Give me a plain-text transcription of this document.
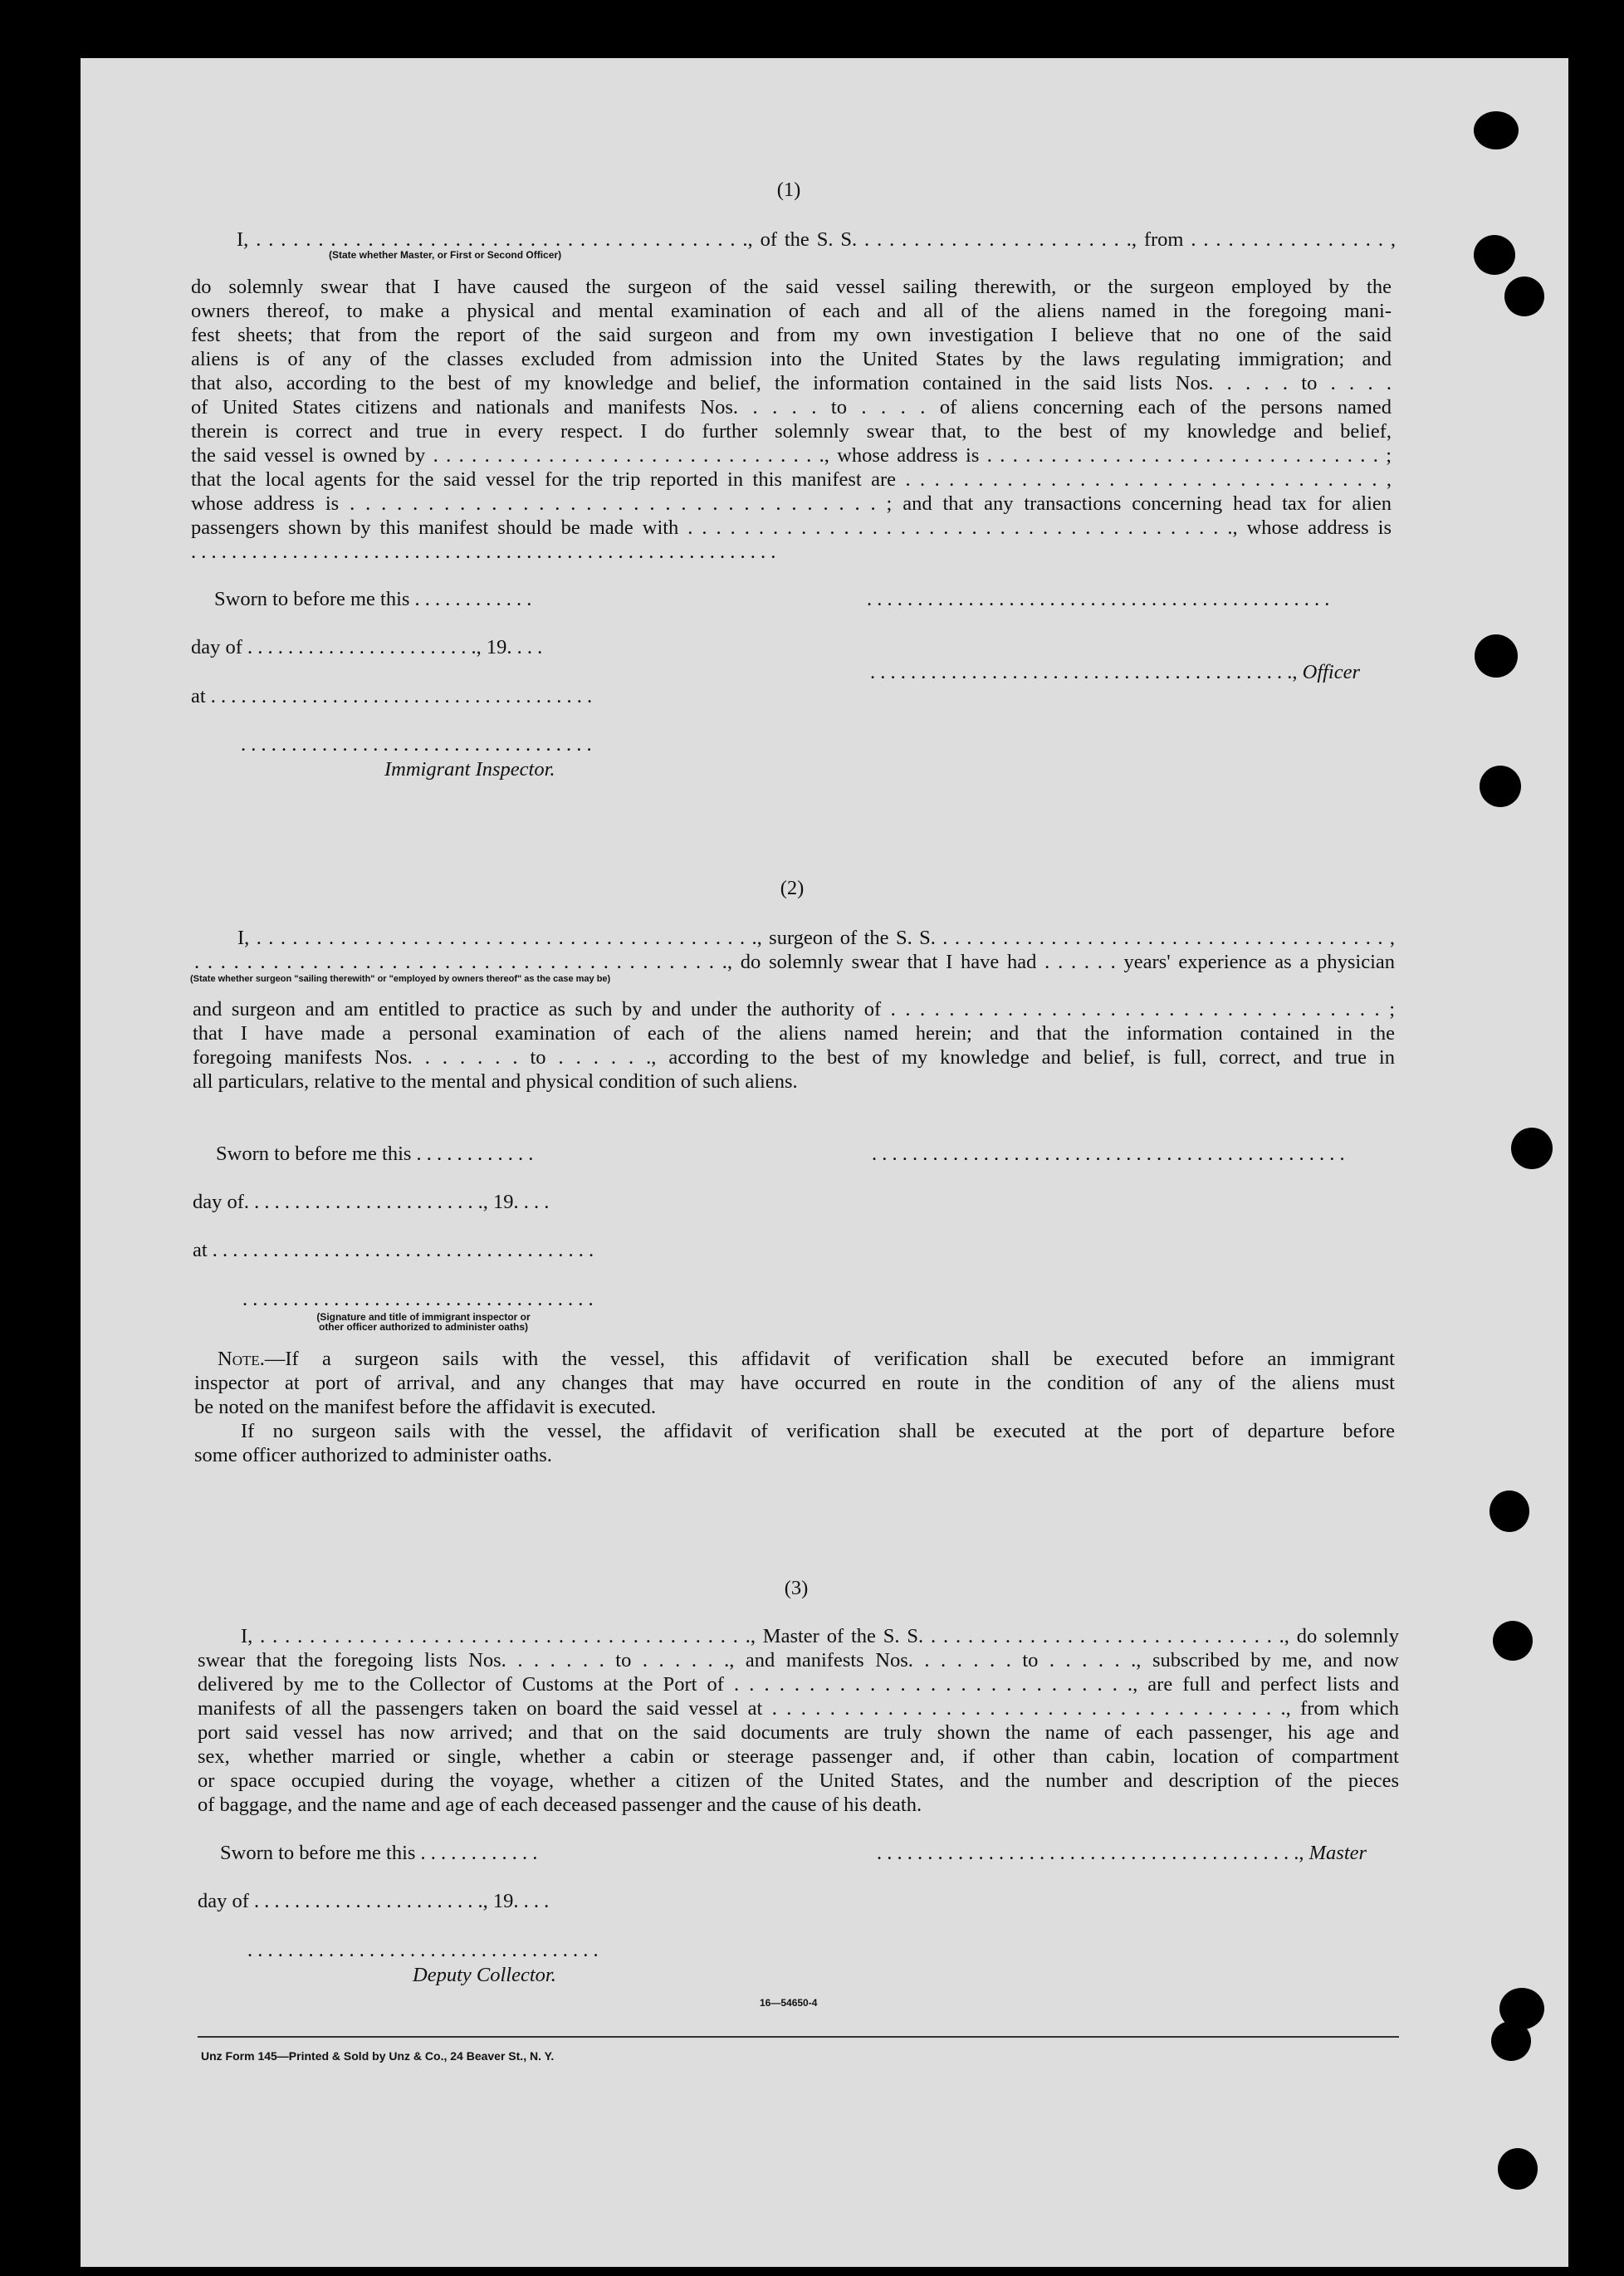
(1)
I, . . . . . . . . . . . . . . . . . . . . . . . . . . . . . . . . . . . . . . . ., of the S. S. . . . . . . . . . . . . . . . . . . . . . ., from . . . . . . . . . . . . . . . . ,
(State whether Master, or First or Second Officer)
do solemnly swear that I have caused the surgeon of the said vessel sailing therewith, or the surgeon employed by the
owners thereof, to make a physical and mental examination of each and all of the aliens named in the foregoing mani-
fest sheets; that from the report of the said surgeon and from my own investigation I believe that no one of the said
aliens is of any of the classes excluded from admission into the United States by the laws regulating immigration; and
that also, according to the best of my knowledge and belief, the information contained in the said lists Nos. . . . . to . . . .
of United States citizens and nationals and manifests Nos. . . . . to . . . . of aliens concerning each of the persons named
therein is correct and true in every respect. I do further solemnly swear that, to the best of my knowledge and belief,
the said vessel is owned by . . . . . . . . . . . . . . . . . . . . . . . . . . . . . . ., whose address is . . . . . . . . . . . . . . . . . . . . . . . . . . . . . . . ;
that the local agents for the said vessel for the trip reported in this manifest are . . . . . . . . . . . . . . . . . . . . . . . . . . . . . . . . . ,
whose address is . . . . . . . . . . . . . . . . . . . . . . . . . . . . . . . . . . ; and that any transactions concerning head tax for alien
passengers shown by this manifest should be made with . . . . . . . . . . . . . . . . . . . . . . . . . . . . . . . . . . . . . . ., whose address is
. . . . . . . . . . . . . . . . . . . . . . . . . . . . . . . . . . . . . . . . . . . . . . . . . . . . . . . . . .
Sworn to before me this . . . . . . . . . . . .	. . . . . . . . . . . . . . . . . . . . . . . . . . . . . . . . . . . . . . . . . . . . . .
day of . . . . . . . . . . . . . . . . . . . . . . ., 19. . . .
. . . . . . . . . . . . . . . . . . . . . . . . . . . . . . . . . . . . . . . . . ., Officer
at . . . . . . . . . . . . . . . . . . . . . . . . . . . . . . . . . . . . . .
. . . . . . . . . . . . . . . . . . . . . . . . . . . . . . . . . . .
Immigrant Inspector.
(2)
I, . . . . . . . . . . . . . . . . . . . . . . . . . . . . . . . . . . . . . . . . . ., surgeon of the S. S. . . . . . . . . . . . . . . . . . . . . . . . . . . . . . . . . . . . . . ,
. . . . . . . . . . . . . . . . . . . . . . . . . . . . . . . . . . . . . . . . ., do solemnly swear that I have had . . . . . . years' experience as a physician
(State whether surgeon "sailing therewith" or "employed by owners thereof" as the case may be)
and surgeon and am entitled to practice as such by and under the authority of . . . . . . . . . . . . . . . . . . . . . . . . . . . . . . . . . . ;
that I have made a personal examination of each of the aliens named herein; and that the information contained in the
foregoing manifests Nos. . . . . . . to . . . . . ., according to the best of my knowledge and belief, is full, correct, and true in
all particulars, relative to the mental and physical condition of such aliens.
Sworn to before me this . . . . . . . . . . . .	. . . . . . . . . . . . . . . . . . . . . . . . . . . . . . . . . . . . . . . . . . . . . . .
day of. . . . . . . . . . . . . . . . . . . . . . . ., 19. . . .
at . . . . . . . . . . . . . . . . . . . . . . . . . . . . . . . . . . . . . .
. . . . . . . . . . . . . . . . . . . . . . . . . . . . . . . . . . .
(Signature and title of immigrant inspector or
other officer authorized to administer oaths)
Note.—If a surgeon sails with the vessel, this affidavit of verification shall be executed before an immigrant
inspector at port of arrival, and any changes that may have occurred en route in the condition of any of the aliens must
be noted on the manifest before the affidavit is executed.
If no surgeon sails with the vessel, the affidavit of verification shall be executed at the port of departure before
some officer authorized to administer oaths.
(3)
I, . . . . . . . . . . . . . . . . . . . . . . . . . . . . . . . . . . . . . . . ., Master of the S. S. . . . . . . . . . . . . . . . . . . . . . . . . . . . . ., do solemnly
swear that the foregoing lists Nos. . . . . . . to . . . . . ., and manifests Nos. . . . . . . to . . . . . ., subscribed by me, and now
delivered by me to the Collector of Customs at the Port of . . . . . . . . . . . . . . . . . . . . . . . . . . ., are full and perfect lists and
manifests of all the passengers taken on board the said vessel at . . . . . . . . . . . . . . . . . . . . . . . . . . . . . . . . . . . ., from which
port said vessel has now arrived; and that on the said documents are truly shown the name of each passenger, his age and
sex, whether married or single, whether a cabin or steerage passenger and, if other than cabin, location of compartment
or space occupied during the voyage, whether a citizen of the United States, and the number and description of the pieces
of baggage, and the name and age of each deceased passenger and the cause of his death.
Sworn to before me this . . . . . . . . . . . .	. . . . . . . . . . . . . . . . . . . . . . . . . . . . . . . . . . . . . . . . . ., Master
day of . . . . . . . . . . . . . . . . . . . . . . ., 19. . . .
. . . . . . . . . . . . . . . . . . . . . . . . . . . . . . . . . . .
Deputy Collector.
16—54650-4
Unz Form 145—Printed & Sold by Unz & Co., 24 Beaver St., N. Y.
